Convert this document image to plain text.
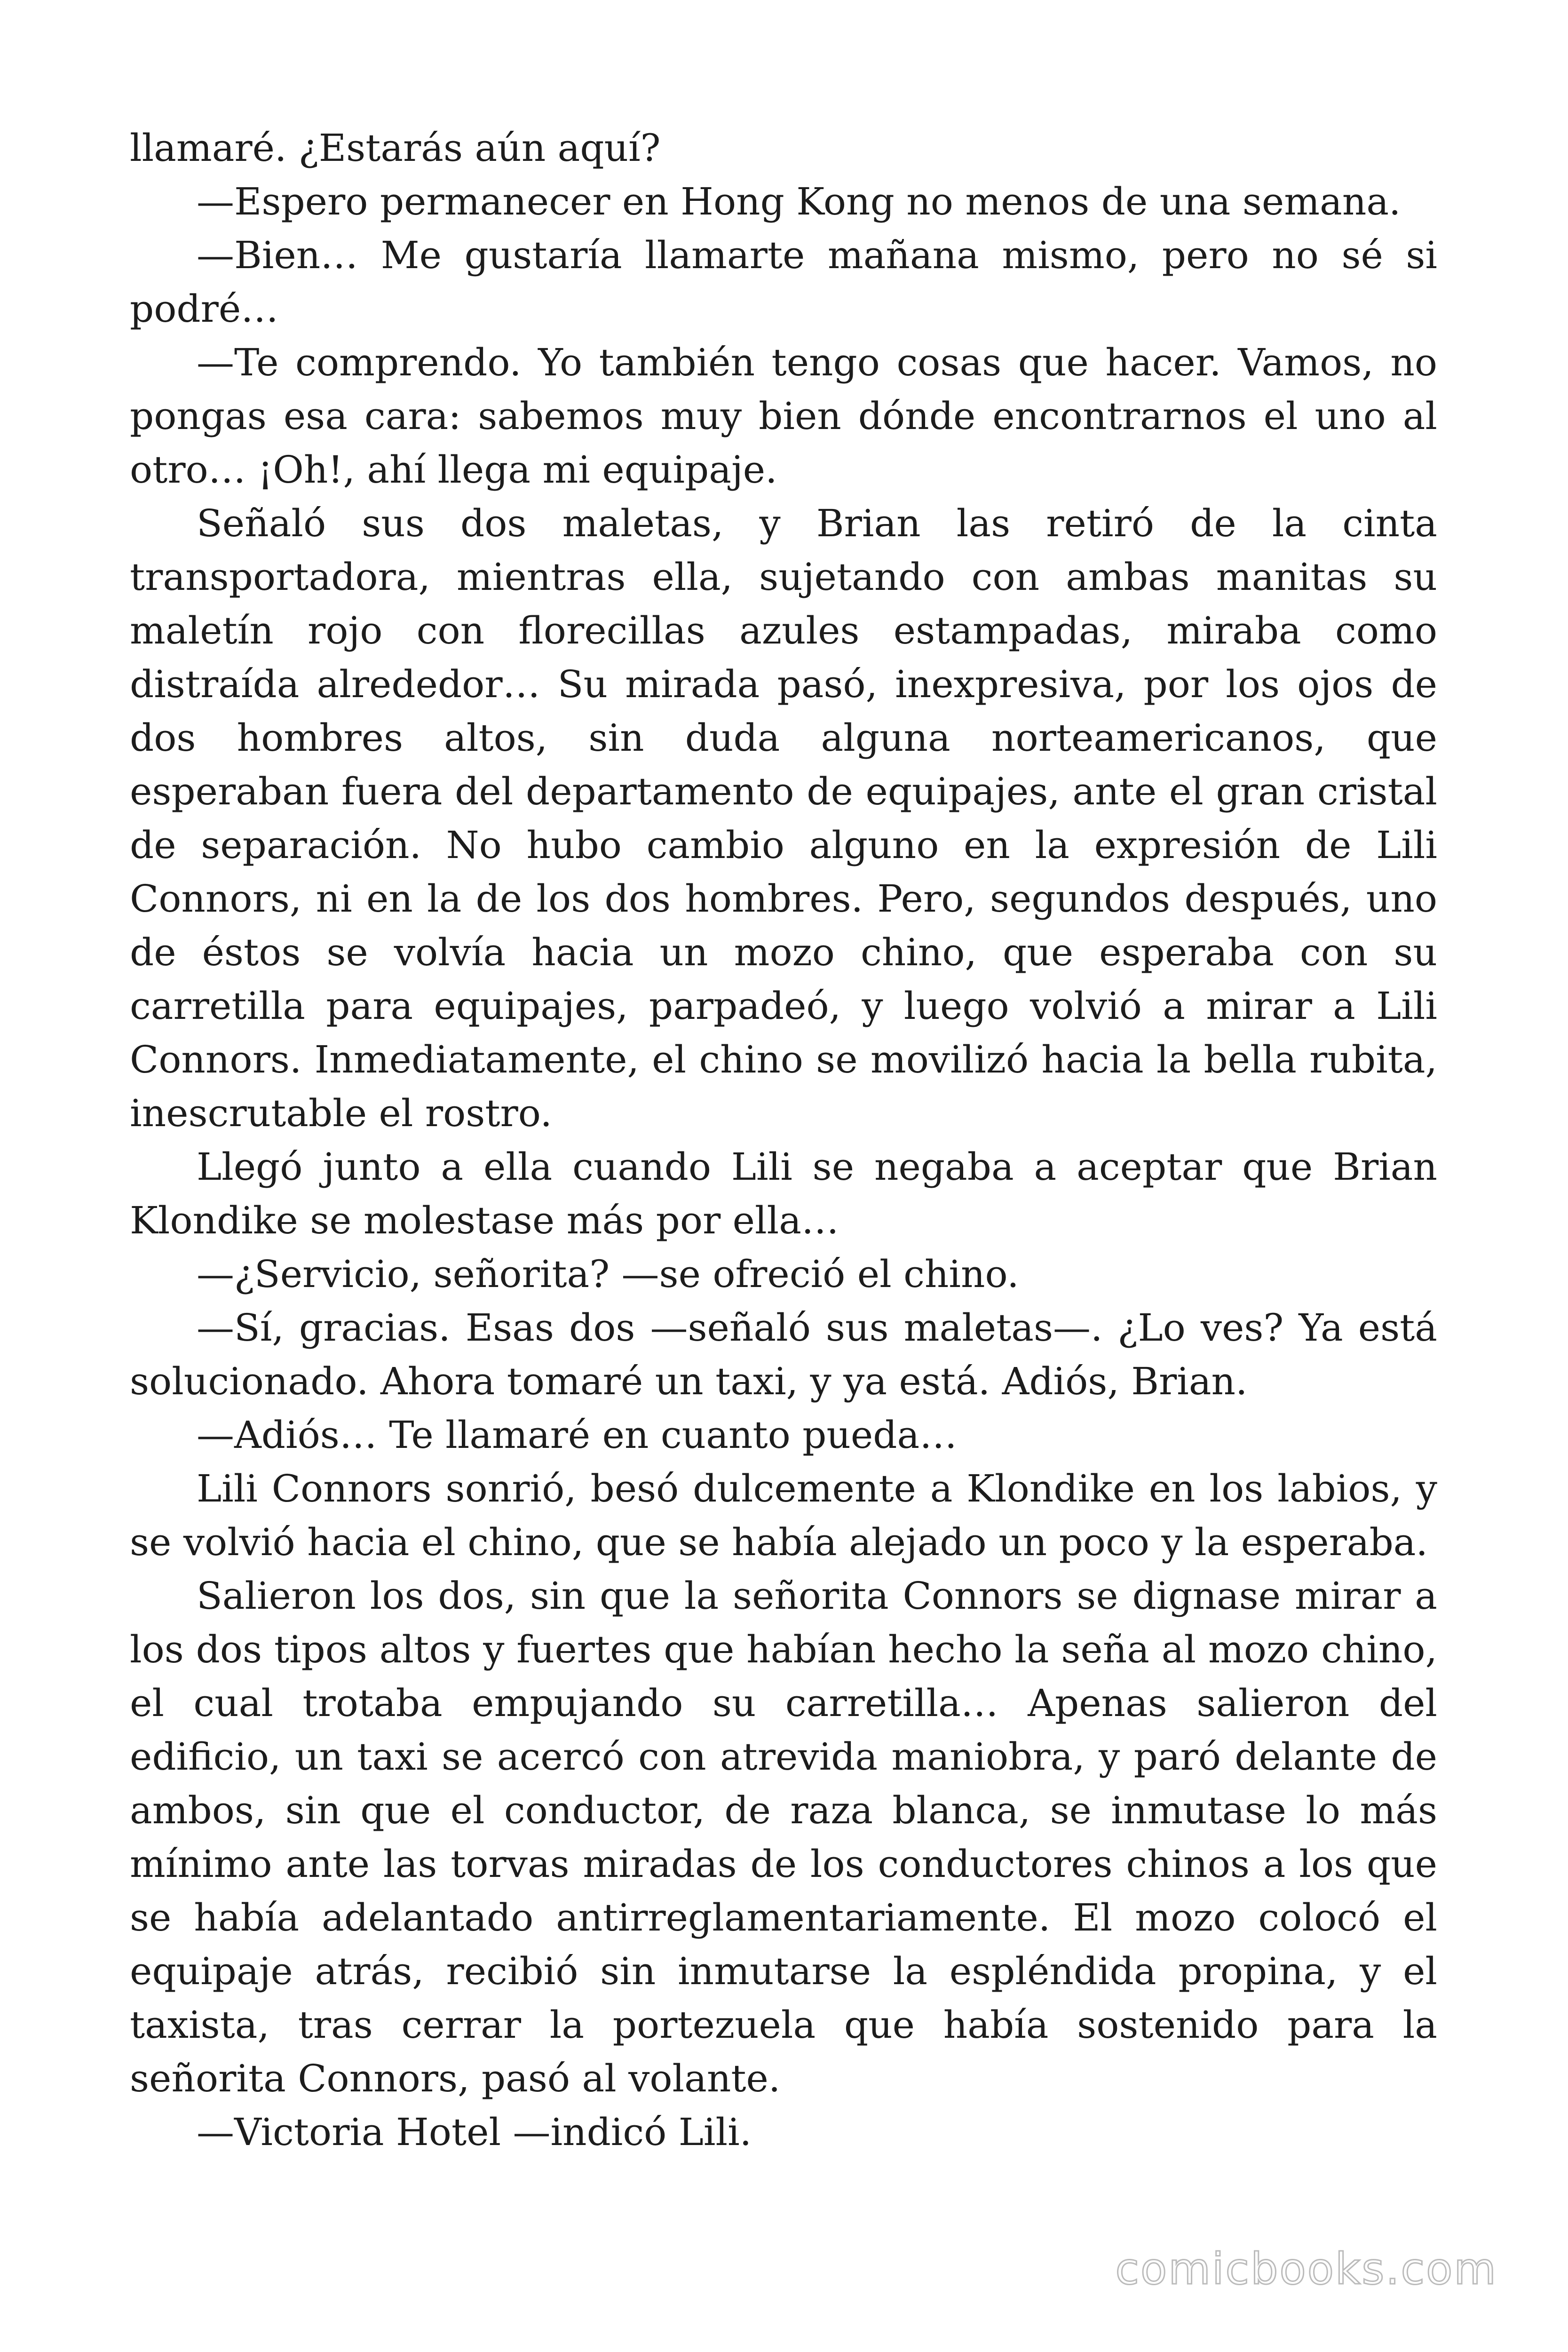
llamaré. ¿Estarás aún aquí?

—Espero permanecer en Hong Kong no menos de una semana.

—Bien… Me gustaría llamarte mañana mismo, pero no sé si podré…

—Te comprendo. Yo también tengo cosas que hacer. Vamos, no pongas esa cara: sabemos muy bien dónde encontrarnos el uno al otro… ¡Oh!, ahí llega mi equipaje.

Señaló sus dos maletas, y Brian las retiró de la cinta transportadora, mientras ella, sujetando con ambas manitas su maletín rojo con florecillas azules estampadas, miraba como distraída alrededor… Su mirada pasó, inexpresiva, por los ojos de dos hombres altos, sin duda alguna norteamericanos, que esperaban fuera del departamento de equipajes, ante el gran cristal de separación. No hubo cambio alguno en la expresión de Lili Connors, ni en la de los dos hombres. Pero, segundos después, uno de éstos se volvía hacia un mozo chino, que esperaba con su carretilla para equipajes, parpadeó, y luego volvió a mirar a Lili Connors. Inmediatamente, el chino se movilizó hacia la bella rubita, inescrutable el rostro.

Llegó junto a ella cuando Lili se negaba a aceptar que Brian Klondike se molestase más por ella…

—¿Servicio, señorita? —se ofreció el chino.

—Sí, gracias. Esas dos —señaló sus maletas—. ¿Lo ves? Ya está solucionado. Ahora tomaré un taxi, y ya está. Adiós, Brian.

—Adiós… Te llamaré en cuanto pueda…

Lili Connors sonrió, besó dulcemente a Klondike en los labios, y se volvió hacia el chino, que se había alejado un poco y la esperaba.

Salieron los dos, sin que la señorita Connors se dignase mirar a los dos tipos altos y fuertes que habían hecho la seña al mozo chino, el cual trotaba empujando su carretilla… Apenas salieron del edificio, un taxi se acercó con atrevida maniobra, y paró delante de ambos, sin que el conductor, de raza blanca, se inmutase lo más mínimo ante las torvas miradas de los conductores chinos a los que se había adelantado antirreglamentariamente. El mozo colocó el equipaje atrás, recibió sin inmutarse la espléndida propina, y el taxista, tras cerrar la portezuela que había sostenido para la señorita Connors, pasó al volante.

—Victoria Hotel —indicó Lili.

comicbooks.com
